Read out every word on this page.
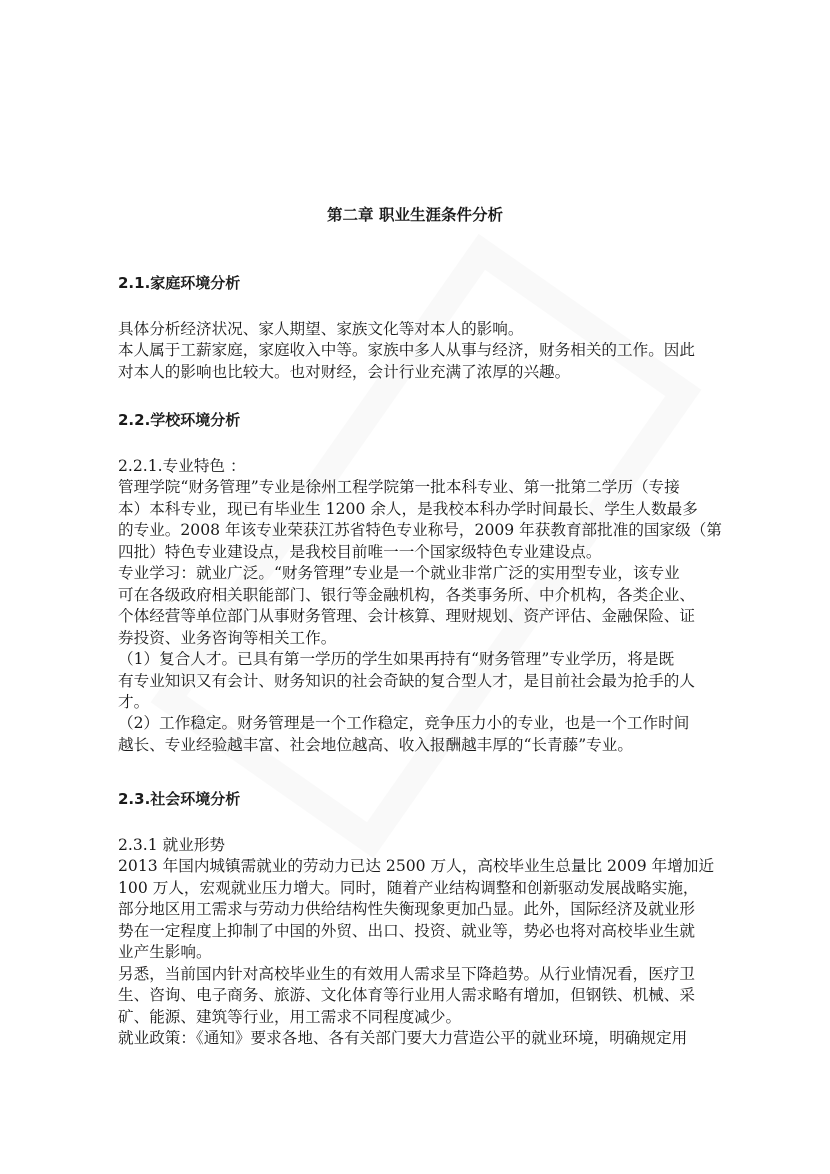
第二章 职业生涯条件分析
2.1.家庭环境分析
具体分析经济状况、家人期望、家族文化等对本人的影响。
本人属于工薪家庭，家庭收入中等。家族中多人从事与经济，财务相关的工作。因此
对本人的影响也比较大。也对财经，会计行业充满了浓厚的兴趣。
2.2.学校环境分析
2.2.1.专业特色 ：
管理学院“财务管理”专业是徐州工程学院第一批本科专业、第一批第二学历（专接
本）本科专业，现已有毕业生 1200 余人，是我校本科办学时间最长、学生人数最多
的专业。2008 年该专业荣获江苏省特色专业称号，2009 年获教育部批准的国家级（第
四批）特色专业建设点，是我校目前唯一一个国家级特色专业建设点。
专业学习：就业广泛。“财务管理”专业是一个就业非常广泛的实用型专业，该专业
可在各级政府相关职能部门、银行等金融机构，各类事务所、中介机构，各类企业、
个体经营等单位部门从事财务管理、会计核算、理财规划、资产评估、金融保险、证
券投资、业务咨询等相关工作。
（1）复合人才。已具有第一学历的学生如果再持有“财务管理”专业学历，将是既
有专业知识又有会计、财务知识的社会奇缺的复合型人才，是目前社会最为抢手的人
才。
（2）工作稳定。财务管理是一个工作稳定，竞争压力小的专业，也是一个工作时间
越长、专业经验越丰富、社会地位越高、收入报酬越丰厚的“长青藤”专业。
2.3.社会环境分析
2.3.1 就业形势
2013 年国内城镇需就业的劳动力已达 2500 万人，高校毕业生总量比 2009 年增加近
100 万人，宏观就业压力增大。同时，随着产业结构调整和创新驱动发展战略实施，
部分地区用工需求与劳动力供给结构性失衡现象更加凸显。此外，国际经济及就业形
势在一定程度上抑制了中国的外贸、出口、投资、就业等，势必也将对高校毕业生就
业产生影响。
另悉，当前国内针对高校毕业生的有效用人需求呈下降趋势。从行业情况看，医疗卫
生、咨询、电子商务、旅游、文化体育等行业用人需求略有增加，但钢铁、机械、采
矿、能源、建筑等行业，用工需求不同程度减少。
就业政策：《通知》要求各地、各有关部门要大力营造公平的就业环境，明确规定用
